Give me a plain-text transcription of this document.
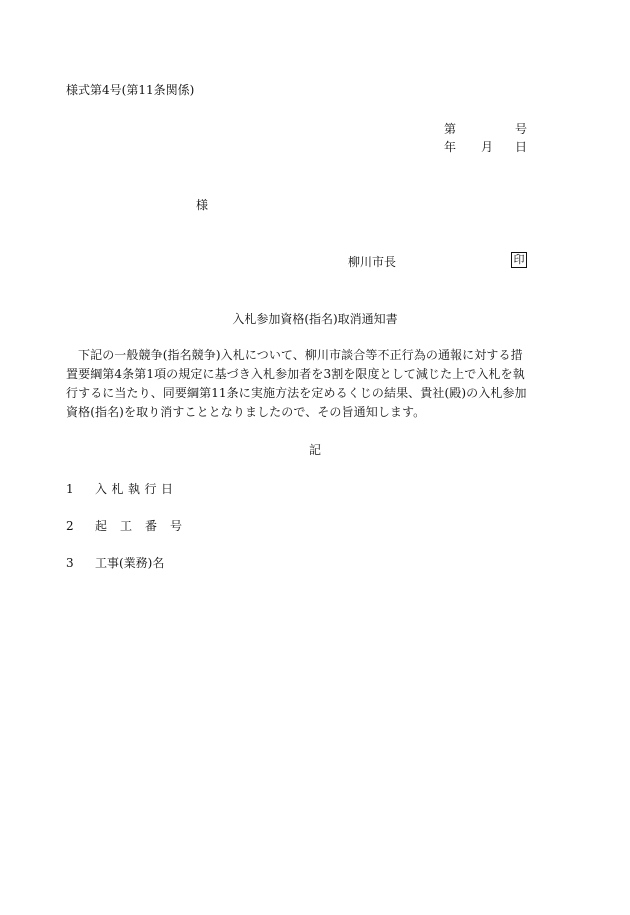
様式第4号(第11条関係)
第	号
年 月 日
様
柳川市長	印
入札参加資格(指名)取消通知書
下記の一般競争(指名競争)入札について、柳川市談合等不正行為の通報に対する措置要綱第4条第1項の規定に基づき入札参加者を3割を限度として減じた上で入札を執行するに当たり、同要綱第11条に実施方法を定めるくじの結果、貴社(殿)の入札参加資格(指名)を取り消すこととなりましたので、その旨通知します。
記
1 入札執行日
2 起工番号
3 工事(業務)名
